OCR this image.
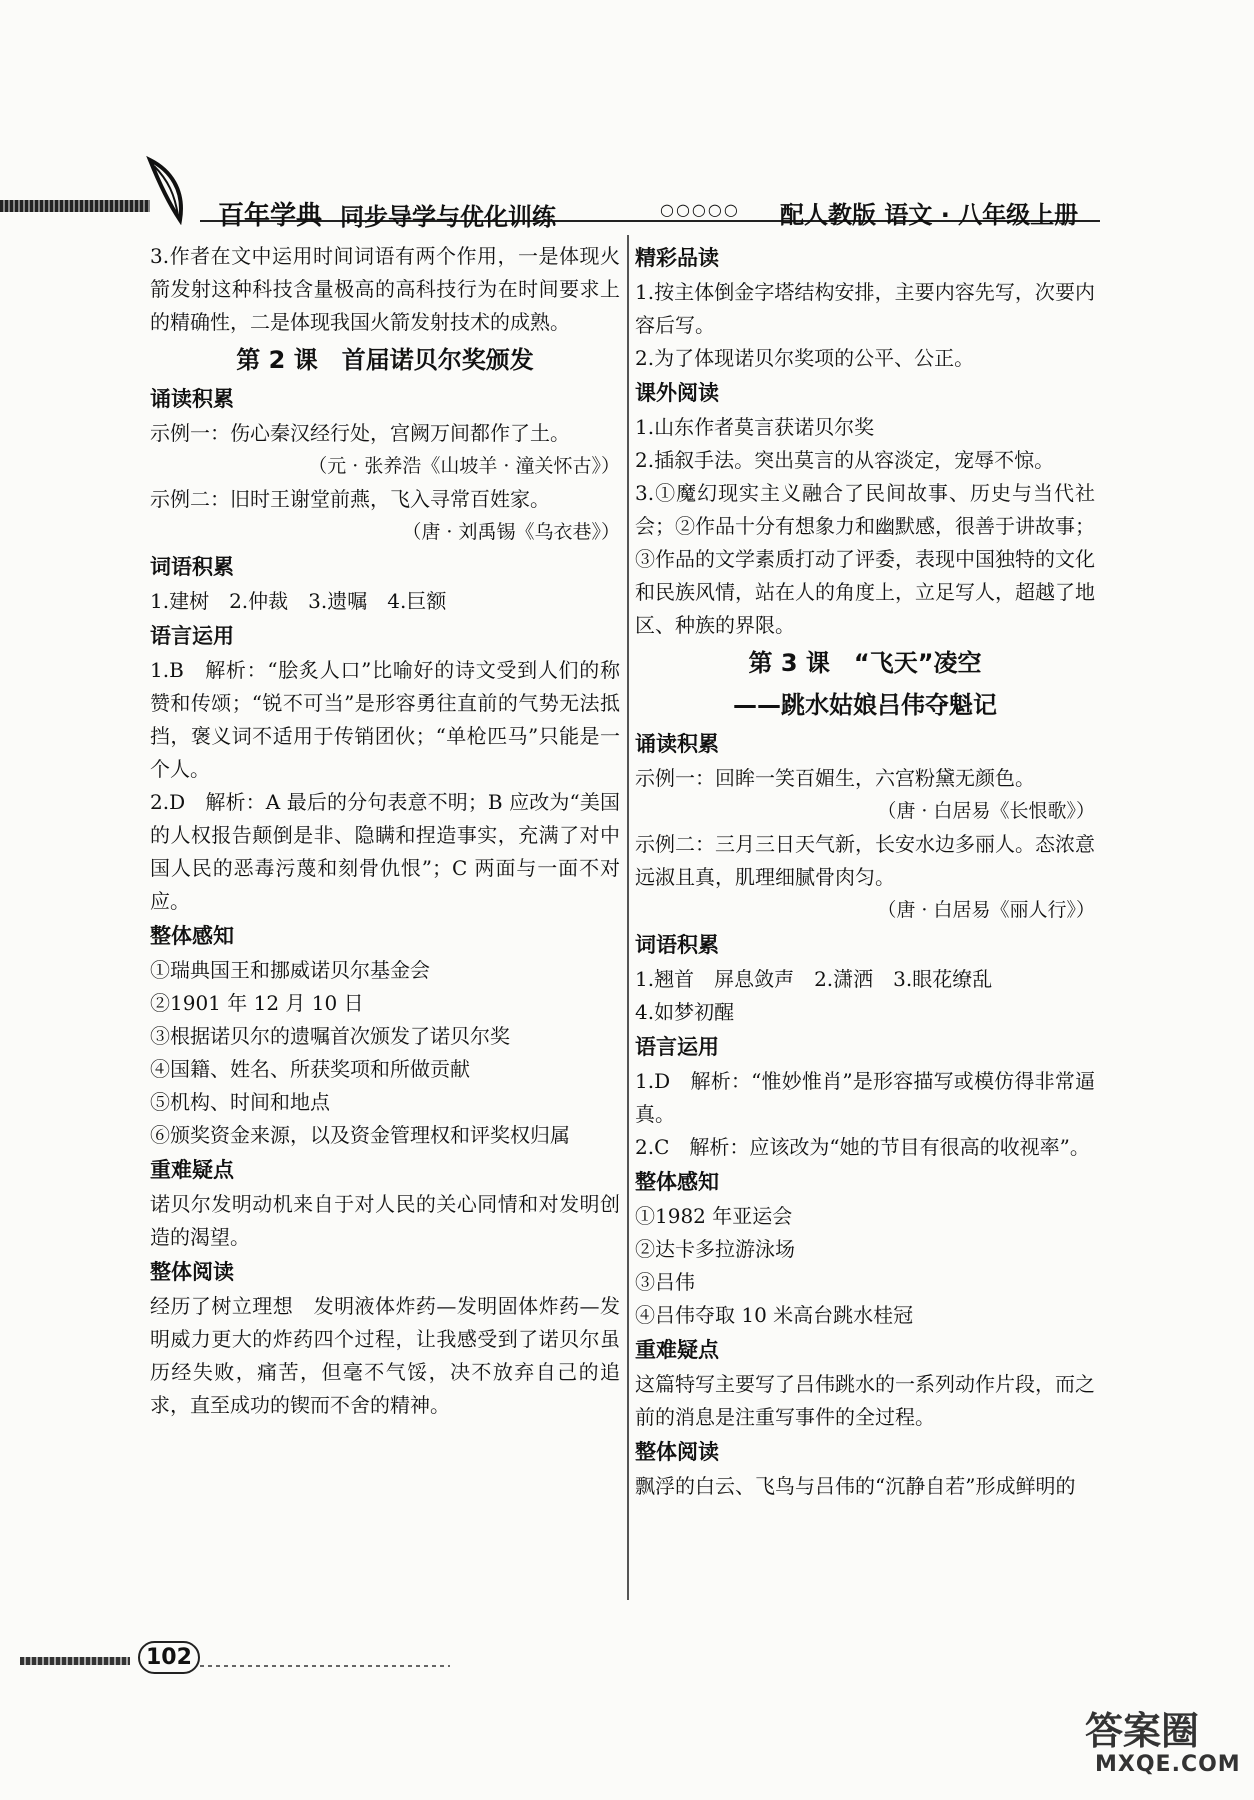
百年学典 同步导学与优化训练	○○○○○ 配人教版 语文 · 八年级上册

3.作者在文中运用时间词语有两个作用，一是体现火箭发射这种科技含量极高的高科技行为在时间要求上的精确性，二是体现我国火箭发射技术的成熟。

第 2 课　首届诺贝尔奖颁发

诵读积累

示例一：伤心秦汉经行处，宫阙万间都作了土。

（元 · 张养浩《山坡羊 · 潼关怀古》）

示例二：旧时王谢堂前燕，飞入寻常百姓家。

（唐 · 刘禹锡《乌衣巷》）

词语积累

1.建树　2.仲裁　3.遗嘱　4.巨额

语言运用

1.B　解析：“脍炙人口”比喻好的诗文受到人们的称赞和传颂；“锐不可当”是形容勇往直前的气势无法抵挡，褒义词不适用于传销团伙；“单枪匹马”只能是一个人。

2.D　解析：A 最后的分句表意不明；B 应改为“美国的人权报告颠倒是非、隐瞒和捏造事实，充满了对中国人民的恶毒污蔑和刻骨仇恨”；C 两面与一面不对应。

整体感知

①瑞典国王和挪威诺贝尔基金会

②1901 年 12 月 10 日

③根据诺贝尔的遗嘱首次颁发了诺贝尔奖

④国籍、姓名、所获奖项和所做贡献

⑤机构、时间和地点

⑥颁奖资金来源，以及资金管理权和评奖权归属

重难疑点

诺贝尔发明动机来自于对人民的关心同情和对发明创造的渴望。

整体阅读

经历了树立理想　发明液体炸药—发明固体炸药—发明威力更大的炸药四个过程，让我感受到了诺贝尔虽历经失败，痛苦，但毫不气馁，决不放弃自己的追求，直至成功的锲而不舍的精神。

精彩品读

1.按主体倒金字塔结构安排，主要内容先写，次要内容后写。

2.为了体现诺贝尔奖项的公平、公正。

课外阅读

1.山东作者莫言获诺贝尔奖

2.插叙手法。突出莫言的从容淡定，宠辱不惊。

3.①魔幻现实主义融合了民间故事、历史与当代社会；②作品十分有想象力和幽默感，很善于讲故事；③作品的文学素质打动了评委，表现中国独特的文化和民族风情，站在人的角度上，立足写人，超越了地区、种族的界限。

第 3 课　“飞天”凌空

——跳水姑娘吕伟夺魁记

诵读积累

示例一：回眸一笑百媚生，六宫粉黛无颜色。

（唐 · 白居易《长恨歌》）

示例二：三月三日天气新，长安水边多丽人。态浓意远淑且真，肌理细腻骨肉匀。

（唐 · 白居易《丽人行》）

词语积累

1.翘首　屏息敛声　2.潇洒　3.眼花缭乱

4.如梦初醒

语言运用

1.D　解析：“惟妙惟肖”是形容描写或模仿得非常逼真。

2.C　解析：应该改为“她的节目有很高的收视率”。

整体感知

①1982 年亚运会

②达卡多拉游泳场

③吕伟

④吕伟夺取 10 米高台跳水桂冠

重难疑点

这篇特写主要写了吕伟跳水的一系列动作片段，而之前的消息是注重写事件的全过程。

整体阅读

飘浮的白云、飞鸟与吕伟的“沉静自若”形成鲜明的

102
答案圈
MXQE.COM
